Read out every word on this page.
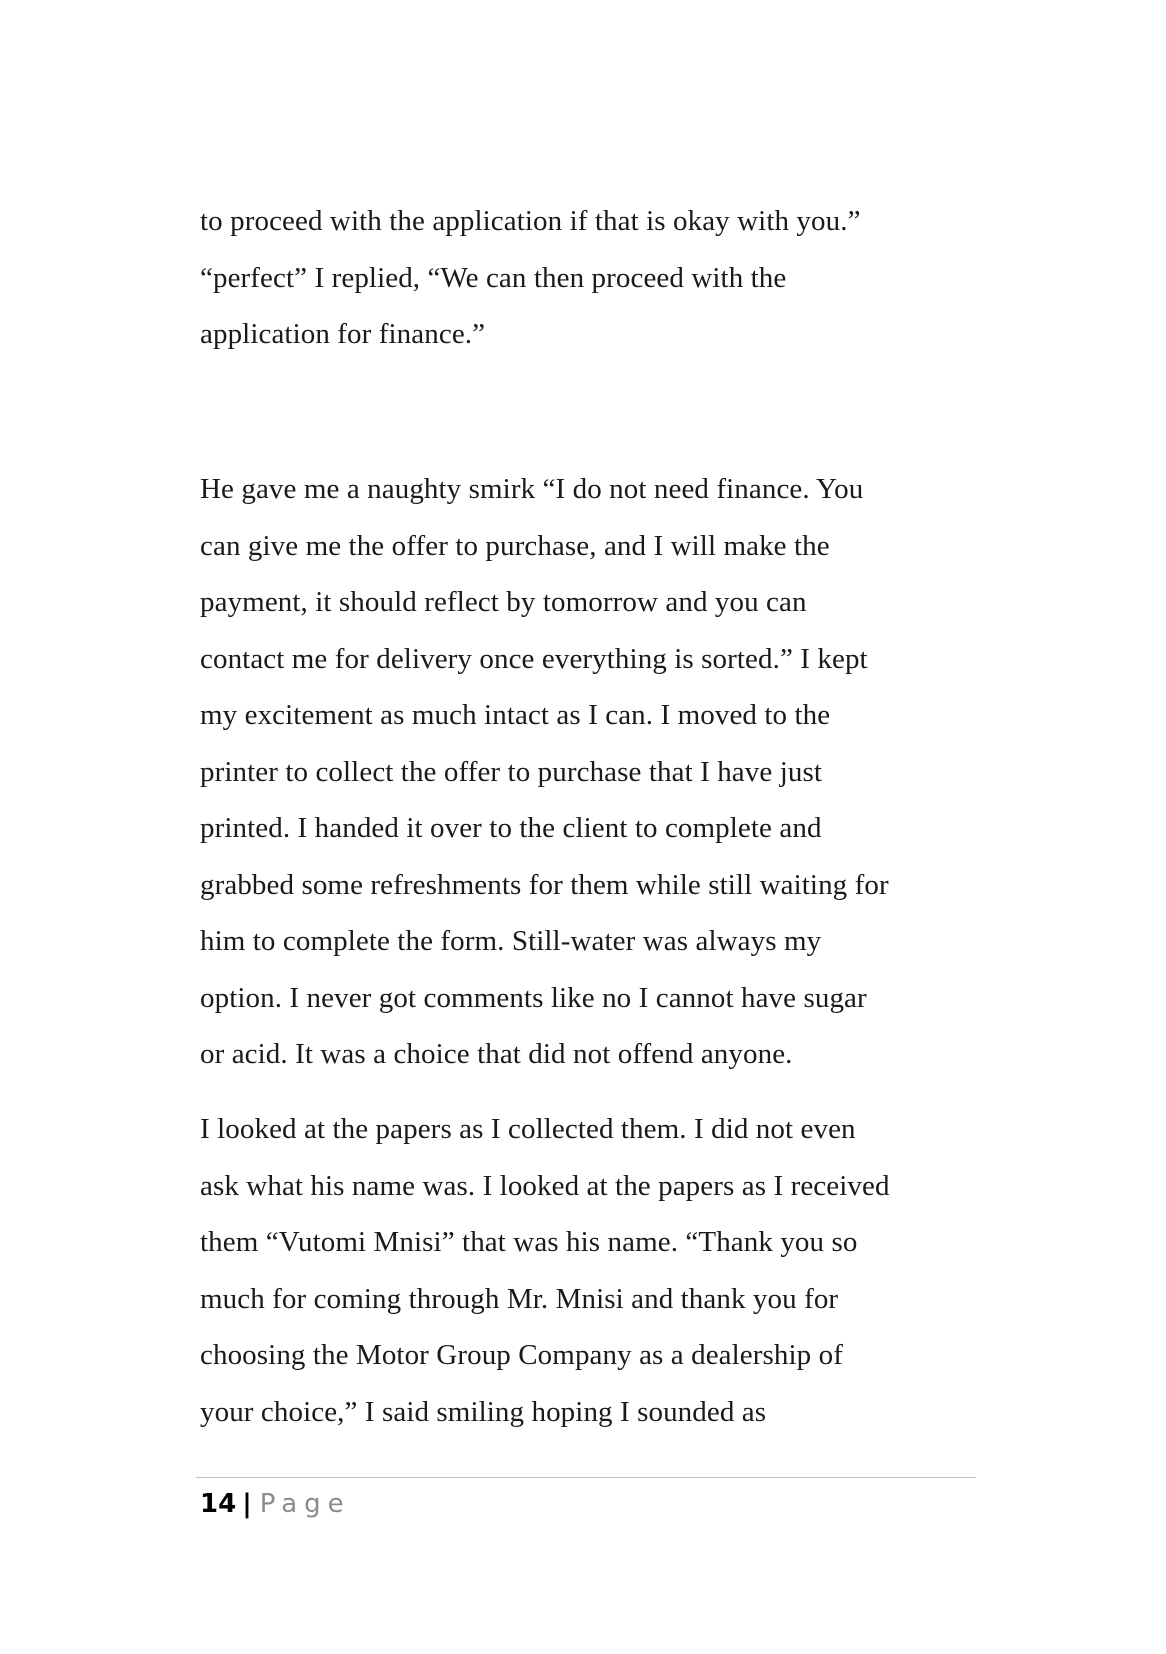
to proceed with the application if that is okay with you.”
“perfect” I replied, “We can then proceed with the
application for finance.”
He gave me a naughty smirk “I do not need finance. You
can give me the offer to purchase, and I will make the
payment, it should reflect by tomorrow and you can
contact me for delivery once everything is sorted.” I kept
my excitement as much intact as I can. I moved to the
printer to collect the offer to purchase that I have just
printed. I handed it over to the client to complete and
grabbed some refreshments for them while still waiting for
him to complete the form. Still-water was always my
option. I never got comments like no I cannot have sugar
or acid. It was a choice that did not offend anyone.
I looked at the papers as I collected them. I did not even
ask what his name was. I looked at the papers as I received
them “Vutomi Mnisi” that was his name. “Thank you so
much for coming through Mr. Mnisi and thank you for
choosing the Motor Group Company as a dealership of
your choice,” I said smiling hoping I sounded as
14 | Page
